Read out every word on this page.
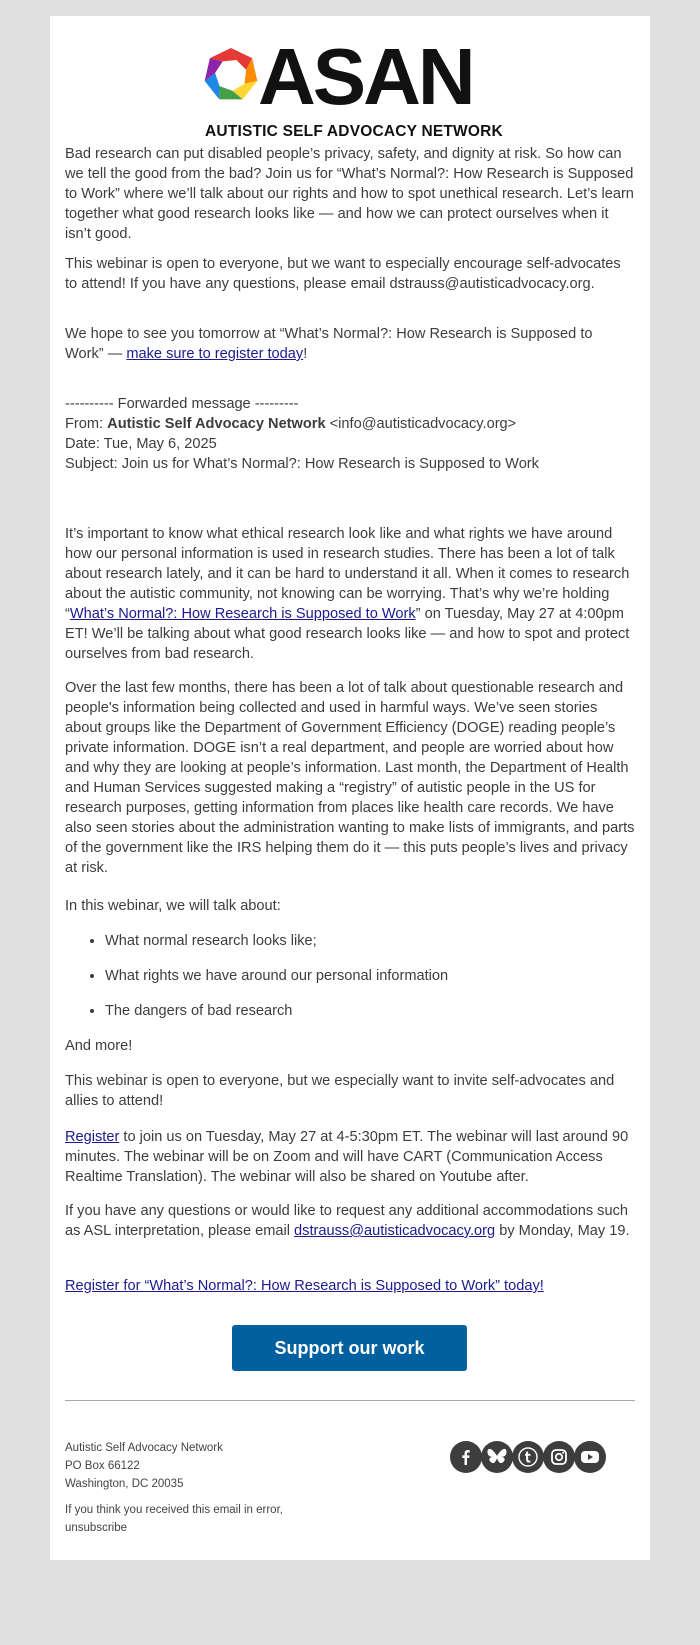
ASAN
AUTISTIC SELF ADVOCACY NETWORK

Bad research can put disabled people’s privacy, safety, and dignity at risk. So how can we tell the good from the bad? Join us for “What’s Normal?: How Research is Supposed to Work” where we’ll talk about our rights and how to spot unethical research. Let’s learn together what good research looks like — and how we can protect ourselves when it isn’t good.

This webinar is open to everyone, but we want to especially encourage self-advocates to attend! If you have any questions, please email dstrauss@autisticadvocacy.org.

We hope to see you tomorrow at “What’s Normal?: How Research is Supposed to Work” — make sure to register today!

---------- Forwarded message ---------
From: Autistic Self Advocacy Network <info@autisticadvocacy.org>
Date: Tue, May 6, 2025
Subject: Join us for What’s Normal?: How Research is Supposed to Work

It’s important to know what ethical research look like and what rights we have around how our personal information is used in research studies. There has been a lot of talk about research lately, and it can be hard to understand it all. When it comes to research about the autistic community, not knowing can be worrying. That’s why we’re holding “What’s Normal?: How Research is Supposed to Work” on Tuesday, May 27 at 4:00pm ET! We’ll be talking about what good research looks like — and how to spot and protect ourselves from bad research.

Over the last few months, there has been a lot of talk about questionable research and people's information being collected and used in harmful ways. We’ve seen stories about groups like the Department of Government Efficiency (DOGE) reading people’s private information. DOGE isn’t a real department, and people are worried about how and why they are looking at people’s information. Last month, the Department of Health and Human Services suggested making a “registry” of autistic people in the US for research purposes, getting information from places like health care records. We have also seen stories about the administration wanting to make lists of immigrants, and parts of the government like the IRS helping them do it — this puts people’s lives and privacy at risk.

In this webinar, we will talk about:

• What normal research looks like;
• What rights we have around our personal information
• The dangers of bad research

And more!

This webinar is open to everyone, but we especially want to invite self-advocates and allies to attend!

Register to join us on Tuesday, May 27 at 4-5:30pm ET. The webinar will last around 90 minutes. The webinar will be on Zoom and will have CART (Communication Access Realtime Translation). The webinar will also be shared on Youtube after.

If you have any questions or would like to request any additional accommodations such as ASL interpretation, please email dstrauss@autisticadvocacy.org by Monday, May 19.

Register for “What’s Normal?: How Research is Supposed to Work” today!

Support our work
Autistic Self Advocacy Network
PO Box 66122
Washington, DC 20035
If you think you received this email in error,
unsubscribe
